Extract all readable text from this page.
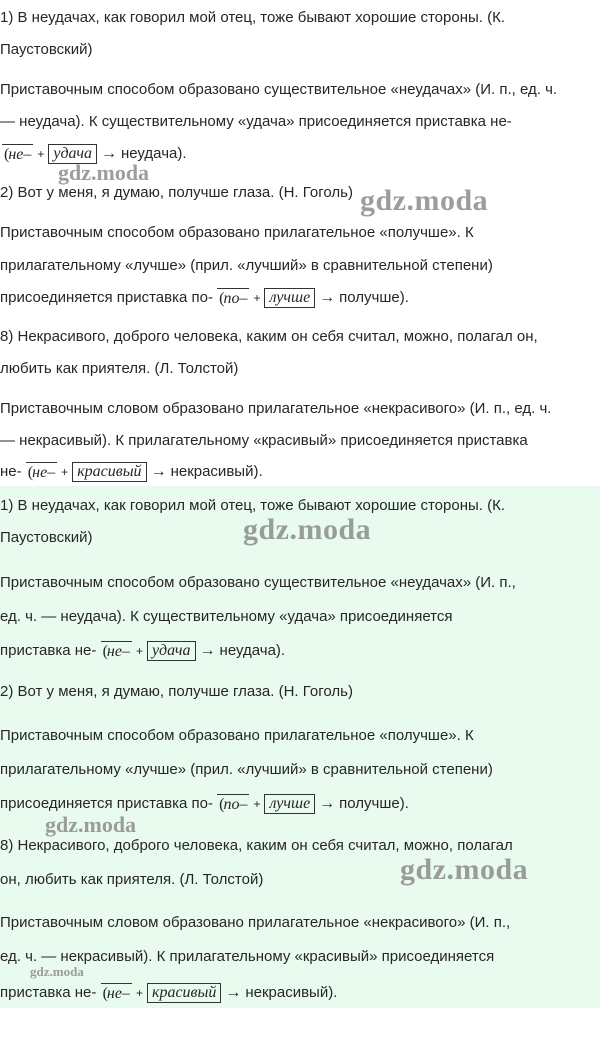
1) В неудачах, как говорил мой отец, тоже бывают хорошие стороны. (К.
Паустовский)
Приставочным способом образовано существительное «неудачах» (И. п., ед. ч.
— неудача). К существительному «удача» присоединяется приставка не-
( не– + удача → неудача).
2) Вот у меня, я думаю, получше глаза. (Н. Гоголь)
Приставочным способом образовано прилагательное «получше». К
прилагательному «лучше» (прил. «лучший» в сравнительной степени)
присоединяется приставка по- ( по– + лучше → получше).
8) Некрасивого, доброго человека, каким он себя считал, можно, полагал он,
любить как приятеля. (Л. Толстой)
Приставочным словом образовано прилагательное «некрасивого» (И. п., ед. ч.
— некрасивый). К прилагательному «красивый» присоединяется приставка
не- ( не– + красивый → некрасивый).
1) В неудачах, как говорил мой отец, тоже бывают хорошие стороны. (К.
Паустовский)
Приставочным способом образовано существительное «неудачах» (И. п.,
ед. ч. — неудача). К существительному «удача» присоединяется
приставка не- ( не– + удача → неудача).
2) Вот у меня, я думаю, получше глаза. (Н. Гоголь)
Приставочным способом образовано прилагательное «получше». К
прилагательному «лучше» (прил. «лучший» в сравнительной степени)
присоединяется приставка по- ( по– + лучше → получше).
8) Некрасивого, доброго человека, каким он себя считал, можно, полагал
он, любить как приятеля. (Л. Толстой)
Приставочным словом образовано прилагательное «некрасивого» (И. п.,
ед. ч. — некрасивый). К прилагательному «красивый» присоединяется
приставка не- ( не– + красивый → некрасивый).
gdz.moda
gdz.moda
gdz.moda
gdz.moda
gdz.moda
gdz.moda
